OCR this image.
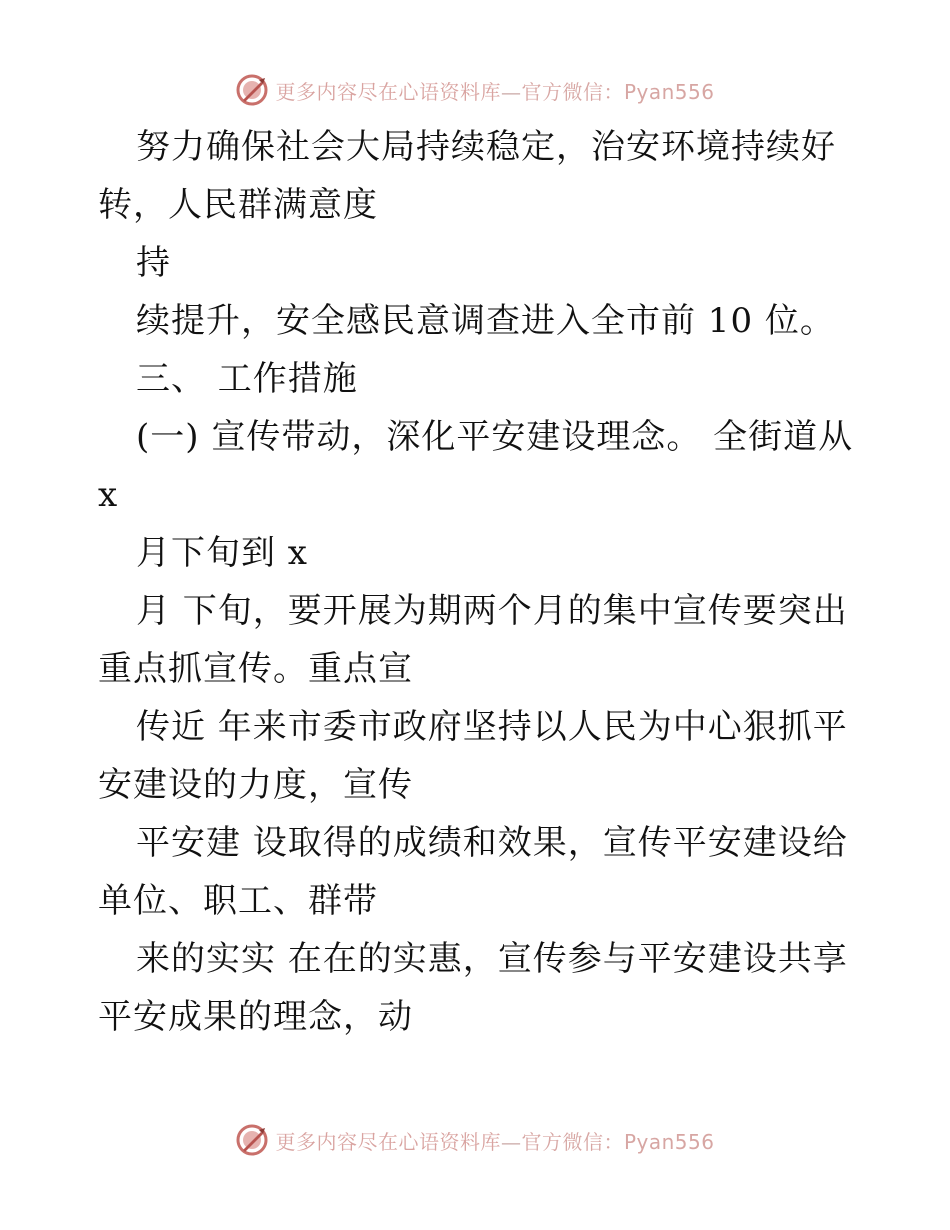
更多内容尽在心语资料库—官方微信：Pyan556
努力确保社会大局持续稳定，治安环境持续好
转，人民群满意度
持
续提升，安全感民意调查进入全市前 10 位。
三、 工作措施
(一) 宣传带动，深化平安建设理念。 全街道从
x
月下旬到 x
月 下旬，要开展为期两个月的集中宣传要突出
重点抓宣传。重点宣
传近 年来市委市政府坚持以人民为中心狠抓平
安建设的力度，宣传
平安建 设取得的成绩和效果，宣传平安建设给
单位、职工、群带
来的实实 在在的实惠，宣传参与平安建设共享
平安成果的理念，动
更多内容尽在心语资料库—官方微信：Pyan556
